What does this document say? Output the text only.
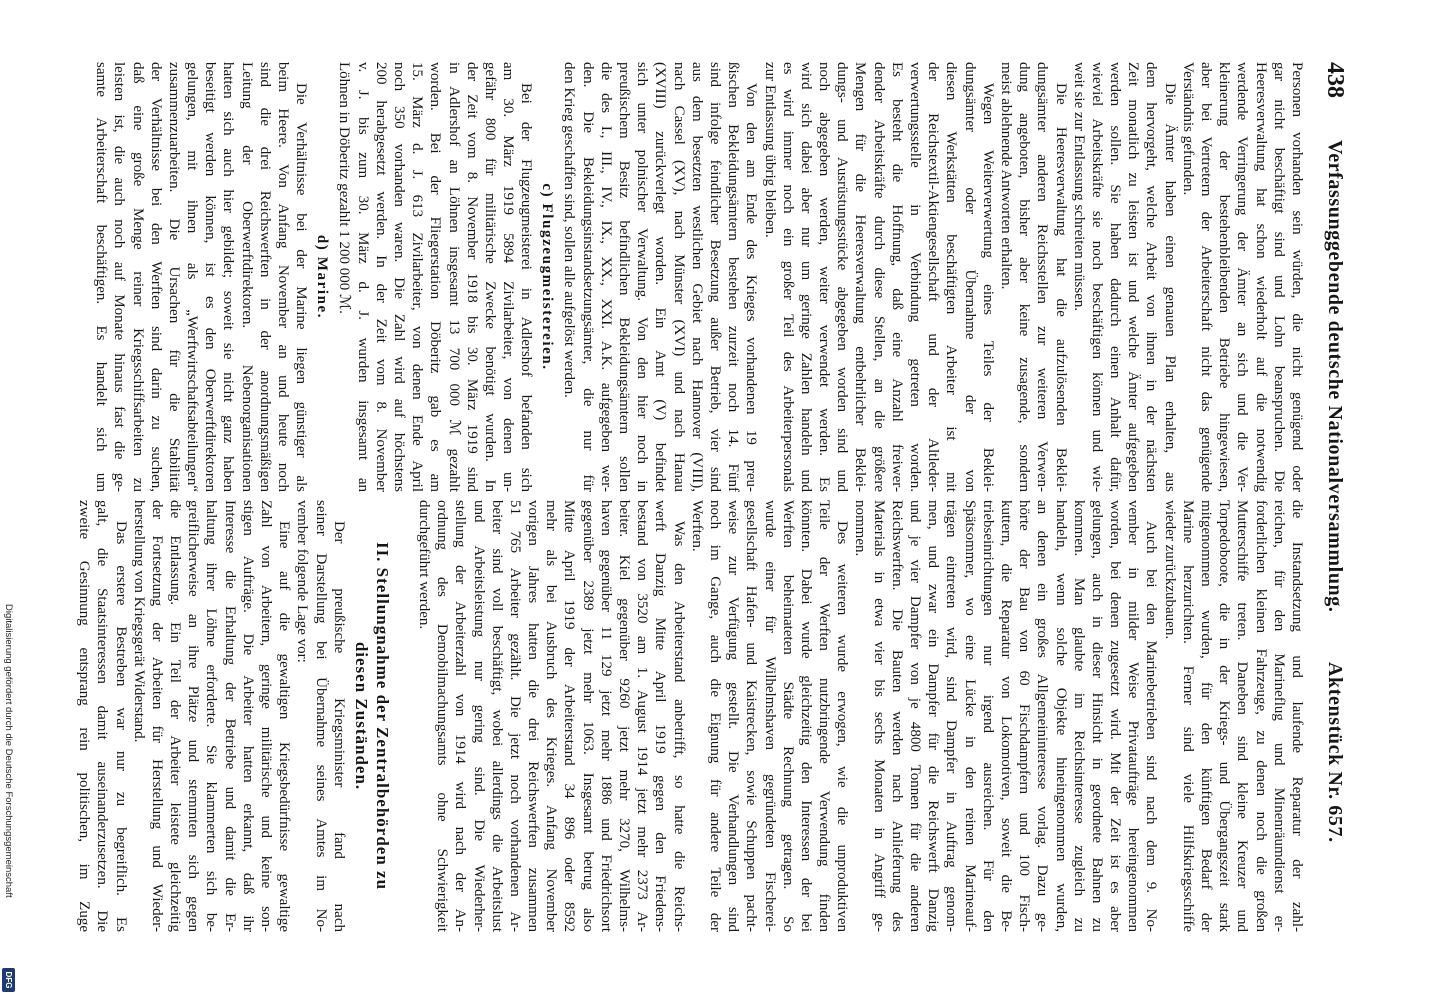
438
Verfassunggebende deutsche Nationalversammlung.
Aktenstück Nr. 657.
Personen vorhanden sein würden, die nicht genügend oder
gar nicht beschäftigt sind und Lohn beanspruchen. Die
Heeresverwaltung hat schon wiederholt auf die notwendig
werdende Verringerung der Ämter an sich und die Ver-
kleinerung der bestehenbleibenden Betriebe hingewiesen,
aber bei Vertretern der Arbeiterschaft nicht das genügende
Verständnis gefunden.
Die Ämter haben einen genauen Plan erhalten, aus
dem hervorgeht, welche Arbeit von ihnen in der nächsten
Zeit monatlich zu leisten ist und welche Ämter aufgegeben
werden sollen. Sie haben dadurch einen Anhalt dafür,
wieviel Arbeitskräfte sie noch beschäftigen können und wie-
weit sie zur Entlassung schreiten müssen.
Die Heeresverwaltung hat die aufzulösenden Beklei-
dungsämter anderen Reichsstellen zur weiteren Verwen-
dung angeboten, bisher aber keine zusagende, sondern
meist ablehnende Antworten erhalten.
Wegen Weiterverwertung eines Teiles der Beklei-
dungsämter oder Übernahme der von
diesen Werkstätten beschäftigten Arbeiter ist mit
der Reichstextil-Aktiengesellschaft und der Altleder-
verwertungsstelle in Verbindung getreten worden.
Es besteht die Hoffnung, daß eine Anzahl freiwer-
dender Arbeitskräfte durch diese Stellen, an die größere
Mengen für die Heeresverwaltung entbehrlicher Beklei-
dungs- und Ausrüstungsstücke abgegeben worden sind und
noch abgegeben werden, weiter verwendet werden. Es
wird sich dabei aber nur um geringe Zahlen handeln und
es wird immer noch ein großer Teil des Arbeiterpersonals
zur Entlassung übrig bleiben.
Von den am Ende des Krieges vorhandenen 19 preu-
ßischen Bekleidungsämtern bestehen zurzeit noch 14. Fünf
sind infolge feindlicher Besetzung außer Betrieb, vier sind
aus dem besetzten westlichen Gebiet nach Hannover (VIII),
nach Cassel (XV), nach Münster (XVI) und nach Hanau
(XVIII) zurückverlegt worden. Ein Amt (V) befindet
sich unter polnischer Verwaltung. Von den hier noch in
preußischem Besitz befindlichen Bekleidungsämtern sollen
die des I., III., IV., IX., XX., XXI. A.K. aufgegeben wer-
den. Die Bekleidungsinstandsetzungsämter, die nur für
den Krieg geschaffen sind, sollen alle aufgelöst werden.
c) Flugzeugmeistereien.
Bei der Flugzeugmeisterei in Adlershof befanden sich
am 30. März 1919 5894 Zivilarbeiter, von denen un-
gefähr 800 für militärische Zwecke benötigt wurden. In
der Zeit vom 8. November 1918 bis 30. März 1919 sind
in Adlershof an Löhnen insgesamt 13 700 000 ℳ gezahlt
worden. Bei der Fliegerstation Döberitz gab es am
15. März d. J. 613 Zivilarbeiter, von denen Ende April
noch 350 vorhanden waren. Die Zahl wird auf höchstens
200 herabgesetzt werden. In der Zeit vom 8. November
v. J. bis zum 30. März d. J. wurden insgesamt an
Löhnen in Döberitz gezahlt 1 200 000 ℳ.
d) Marine.
Die Verhältnisse bei der Marine liegen günstiger als
beim Heere. Von Anfang November an und heute noch
sind die drei Reichswerften in der anordnungsmäßigen
Leitung der Oberwerftdirektoren. Nebenorganisationen
hatten sich auch hier gebildet; soweit sie nicht ganz haben
beseitigt werden können, ist es den Oberwerftdirektoren
gelungen, mit ihnen als „Werftwirtschaftsabteilungen“
zusammenzuarbeiten. Die Ursachen für die Stabilität
der Verhältnisse bei den Werften sind darin zu suchen,
daß eine große Menge reiner Kriegsschiffsarbeiten zu
leisten ist, die auch noch auf Monate hinaus fast die ge-
samte Arbeiterschaft beschäftigen. Es handelt sich um
die Instandsetzung und laufende Reparatur der zahl-
reichen, für den Marineflug und Minenräumdienst er-
forderlichen kleinen Fahrzeuge, zu denen noch die großen
Mutterschiffe treten. Daneben sind kleine Kreuzer und
Torpedoboote, die in der Kriegs- und Übergangszeit stark
mitgenommen wurden, für den künftigen Bedarf der
Marine herzurichten. Ferner sind viele Hilfskriegsschiffe
wieder zurückzubauen.
Auch bei den Marinebetrieben sind nach dem 9. No-
vember in milder Weise Privataufträge hereingenommen
worden, bei denen zugesetzt wird. Mit der Zeit ist es aber
gelungen, auch in dieser Hinsicht in geordnete Bahnen zu
kommen. Man glaubte im Reichsinteresse zugleich zu
handeln, wenn solche Objekte hineingenommen wurden,
an denen ein großes Allgemeininteresse vorlag. Dazu ge-
hörte der Bau von 60 Fischdampfern und 100 Fisch-
kuttern, die Reparatur von Lokomotiven, soweit die Be-
triebseinrichtungen nur irgend ausreichen. Für den
Spätsommer, wo eine Lücke in den reinen Marineauf-
trägen eintreten wird, sind Dampfer in Auftrag genom-
men, und zwar ein Dampfer für die Reichswerft Danzig
und je vier Dampfer von je 4800 Tonnen für die anderen
Reichswerften. Die Bauten werden nach Anlieferung des
Materials in etwa vier bis sechs Monaten in Angriff ge-
nommen.
Des weiteren wurde erwogen, wie die unproduktiven
Teile der Werften nutzbringende Verwendung finden
könnten. Dabei wurde gleichzeitig den Interessen der bei
Werften beheimateten Städte Rechnung getragen. So
wurde einer für Wilhelmshaven gegründeten Fischerei-
gesellschaft Hafen- und Kaistrecken, sowie Schuppen pacht-
weise zur Verfügung gestellt. Die Verhandlungen sind
noch im Gange, auch die Eignung für andere Teile der
Werften.
Was den Arbeiterstand anbetrifft, so hatte die Reichs-
werft Danzig Mitte April 1919 gegen den Friedens-
bestand von 3520 am 1. August 1914 jetzt mehr 2373 Ar-
beiter. Kiel gegenüber 9260 jetzt mehr 3270, Wilhelms-
haven gegenüber 11 129 jetzt mehr 1886 und Friedrichsort
gegenüber 2389 jetzt mehr 1063. Insgesamt betrug also
Mitte April 1919 der Arbeiterstand 34 896 oder 8592
mehr als bei Ausbruch des Krieges. Anfang November
vorigen Jahres hatten die drei Reichswerften zusammen
51 765 Arbeiter gezählt. Die jetzt noch vorhandenen Ar-
beiter sind voll beschäftigt, wobei allerdings die Arbeitslust
und Arbeitsleistung nur gering sind. Die Wiederher-
stellung der Arbeiterzahl von 1914 wird nach der An-
ordnung des Demobilmachungsamts ohne Schwierigkeit
durchgeführt werden.
II. Stellungnahme der Zentralbehörden zu
diesen Zuständen.
Der preußische Kriegsminister fand nach
seiner Darstellung bei Übernahme seines Amtes im No-
vember folgende Lage vor:
Eine auf die gewaltigen Kriegsbedürfnisse gewaltige
Zahl von Arbeitern, geringe militärische und keine son-
stigen Aufträge. Die Arbeiter hatten erkannt, daß ihr
Interesse die Erhaltung der Betriebe und damit die Er-
haltung ihrer Löhne erforderte. Sie klammerten sich be-
greiflicherweise an ihre Plätze und stemmten sich gegen
die Entlassung. Ein Teil der Arbeiter leistete gleichzeitig
der Fortsetzung der Arbeiten für Herstellung und Wieder-
herstellung von Kriegsgerät Widerstand.
Das erstere Bestreben war nur zu begreiflich. Es
galt, die Staatsinteressen damit auseinanderzusetzen. Die
zweite Gesinnung entsprang rein politischen, im Zuge
Digitalisierung gefördert durch die Deutsche Forschungsgemeinschaft
DFG
